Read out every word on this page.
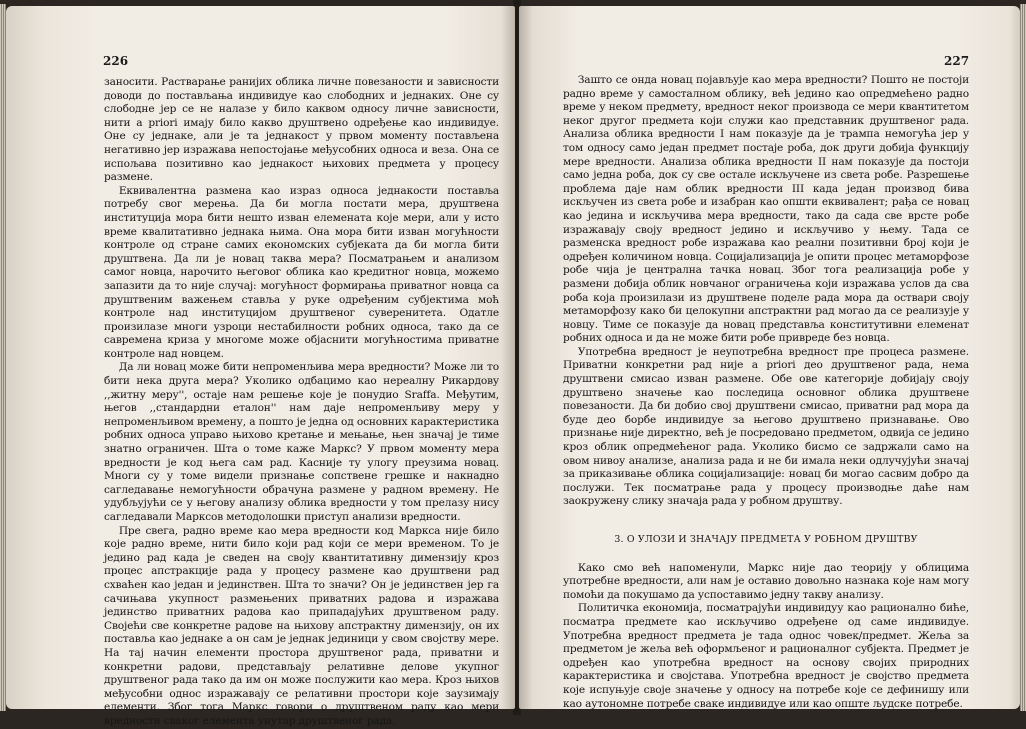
226

заносити. Растварање ранијих облика личне повезаности и зависности доводи до постављања индивидуе као слободних и једнаких. Оне су слободне јер се не налазе у било каквом односу личне зависности, нити а priori имају било какво друштвено одређење као индивидуе. Оне су једнаке, али је та једнакост у првом моменту постављена негативно јер изражава непостојање међусобних односа и веза. Она се испољава позитивно као једнакост њихових предмета у процесу размене.

Еквивалентна размена као израз односа једнакости поставља потребу свог мерења. Да би могла постати мера, друштвена институција мора бити нешто изван елемената које мери, али у исто време квалитативно једнака њима. Она мора бити изван могућности контроле од стране самих економских субјеката да би могла бити друштвена. Да ли је новац таква мера? Посматрањем и анализом самог новца, нарочито његовог облика као кредитног новца, можемо запазити да то није случај: могућност формирања приватног новца са друштвеним важењем ставља у руке одређеним субјектима моћ контроле над институцијом друштвеног суверенитета. Одатле произилазе многи узроци нестабилности робних односа, тако да се савремена криза у многоме може објаснити могућностима приватне контроле над новцем.

Да ли новац може бити непроменљива мера вредности? Може ли то бити нека друга мера? Уколико одбацимо као нереалну Рикардову ,,житну меру'', остаје нам решење које је понудио Sraffa. Међутим, његов ,,стандардни еталон'' нам даје непроменљиву меру у непроменљивом времену, а пошто је једна од основних карактеристика робних односа управо њихово кретање и мењање, њен значај је тиме знатно ограничен. Шта о томе каже Маркс? У првом моменту мера вредности је код њега сам рад. Касније ту улогу преузима новац. Многи су у томе видели признање сопствене грешке и накнадно сагледавање немогућности обрачуна размене у радном времену. Не удубљујући се у његову анализу облика вредности у том прелазу нису сагледавали Марксов методолошки приступ анализи вредности.

Пре свега, радно време као мера вредности код Маркса није било које радно време, нити било који рад који се мери временом. То је једино рад када је сведен на своју квантитативну димензију кроз процес апстракције рада у процесу размене као друштвени рад схваћен као један и јединствен. Шта то значи? Он је јединствен јер га сачињава укупност размењених приватних радова и изражава јединство приватних радова као припадајућих друштвеном раду. Својећи све конкретне радове на њихову апстрактну димензију, он их поставља као једнаке а он сам је једнак јединици у свом својству мере. На тај начин елементи простора друштвеног рада, приватни и конкретни радови, представљају релативне делове укупног друштвеног рада тако да им он може послужити као мера. Кроз њихов међусобни однос изражавају се релативни простори које заузимају елементи. Због тога Маркс говори о друштвеном раду као мери вредности сваког елемента унутар друштвеног рада.

227

Зашто се онда новац појављује као мера вредности? Пошто не постоји радно време у самосталном облику, већ једино као опредмећено радно време у неком предмету, вредност неког производа се мери квантитетом неког другог предмета који служи као представник друштвеног рада. Анализа облика вредности I нам показује да је трампа немогућа јер у том односу само један предмет постаје роба, док други добија функцију мере вредности. Анализа облика вредности II нам показује да постоји само једна роба, док су све остале искључене из света робе. Разрешење проблема даје нам облик вредности III када један производ бива искључен из света робе и изабран као општи еквивалент; рађа се новац као једина и искључива мера вредности, тако да сада све врсте робе изражавају своју вредност једино и искључиво у њему. Тада се разменска вредност робе изражава као реални позитивни број који је одређен количином новца. Социјализација је опити процес метаморфозе робе чија је централна тачка новац. Због тога реализација робе у размени добија облик новчаног ограничења који изражава услов да сва роба која произилази из друштвене поделе рада мора да оствари своју метаморфозу како би целокупни апстрактни рад могао да се реализује у новцу. Тиме се показује да новац представља конститутивни елеменат робних односа и да не може бити робе привреде без новца.

Употребна вредност је неупотребна вредност пре процеса размене. Приватни конкретни рад није а priori део друштвеног рада, нема друштвени смисао изван размене. Обе ове категорије добијају своју друштвено значење као последица основног облика друштвене повезаности. Да би добио свој друштвени смисао, приватни рад мора да буде део борбе индивидуе за његово друштвено признавање. Ово признање није директно, већ је посредовано предметом, одвија се једино кроз облик опредмећеног рада. Уколико бисмо се задржали само на овом нивоу анализе, анализа рада и не би имала неки одлучујући значај за приказивање облика социјализације: новац би могао сасвим добро да послужи. Тек посматрање рада у процесу производње даће нам заокружену слику значаја рада у робном друштву.

3. О УЛОЗИ И ЗНАЧАЈУ ПРЕДМЕТА У РОБНОМ ДРУШТВУ

Како смо већ напоменули, Маркс није дао теорију у облицима употребне вредности, али нам је оставио довољно назнака које нам могу помоћи да покушамо да успоставимо једну такву анализу.

Политичка економија, посматрајући индивидуу као рационално биће, посматра предмете као искључиво одређене од саме индивидуе. Употребна вредност предмета је тада однос човек/предмет. Жеља за предметом је жеља већ оформљеног и рационалног субјекта. Предмет је одређен као употребна вредност на основу својих природних карактеристика и својстава. Употребна вредност је својство предмета које испуњује своје значење у односу на потребе које се дефинишу или као аутономне потребе сваке индивидуе или као опште људске потребе.
